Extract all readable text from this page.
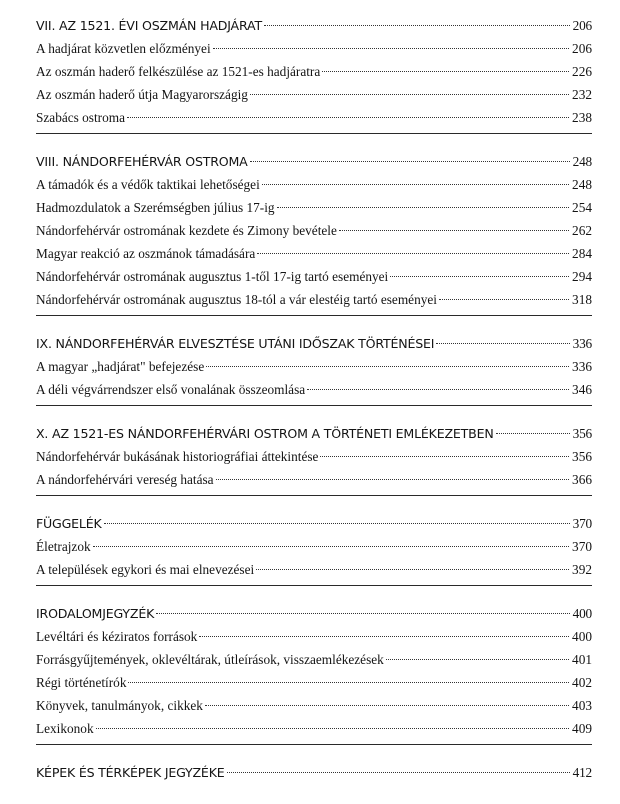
VII. AZ 1521. ÉVI OSZMÁN HADJÁRAT	206
A hadjárat közvetlen előzményei	206
Az oszmán haderő felkészülése az 1521-es hadjáratra	226
Az oszmán haderő útja Magyarországig	232
Szabács ostroma	238
VIII. NÁNDORFEHÉRVÁR OSTROMA	248
A támadók és a védők taktikai lehetőségei	248
Hadmozdulatok a Szerémségben július 17-ig	254
Nándorfehérvár ostromának kezdete és Zimony bevétele	262
Magyar reakció az oszmánok támadására	284
Nándorfehérvár ostromának augusztus 1-től 17-ig tartó eseményei	294
Nándorfehérvár ostromának augusztus 18-tól a vár elestéig tartó eseményei	318
IX. NÁNDORFEHÉRVÁR ELVESZTÉSE UTÁNI IDŐSZAK TÖRTÉNÉSEI	336
A magyar „hadjárat" befejezése	336
A déli végvárrendszer első vonalának összeomlása	346
X. AZ 1521-ES NÁNDORFEHÉRVÁRI OSTROM A TÖRTÉNETI EMLÉKEZETBEN	356
Nándorfehérvár bukásának historiográfiai áttekintése	356
A nándorfehérvári vereség hatása	366
FÜGGELÉK	370
Életrajzok	370
A települések egykori és mai elnevezései	392
IRODALOMJEGYZÉK	400
Levéltári és kéziratos források	400
Forrásgyűjtemények, oklevéltárak, útleírások, visszaemlékezések	401
Régi történetírók	402
Könyvek, tanulmányok, cikkek	403
Lexikonok	409
KÉPEK ÉS TÉRKÉPEK JEGYZÉKE	412
